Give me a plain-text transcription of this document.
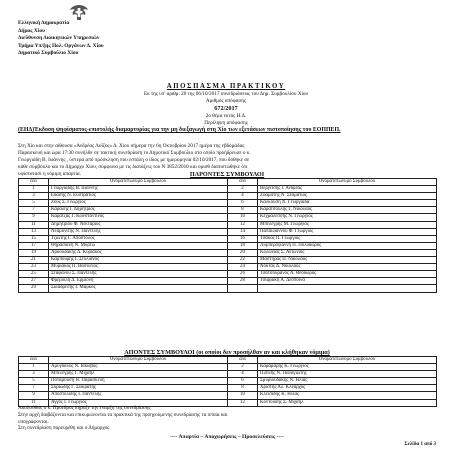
Ελληνική Δημοκρατία
Δήμος Χίου
Διεύθυνση Διοικητικών Υπηρεσιών
Τμήμα Υπ/ξης Πολ. Οργάνων Δ. Χίου
Δημοτικό Συμβούλιο Χίου
ΑΠΟΣΠΑΣΜΑ ΠΡΑΚΤΙΚΟΥ
Εκ της υπ' αριθμ. 20 της 06/10/2017 συνεδριάσεως του Δημ. Συμβουλίου Χίου
Αριθμός απόφασης
672/2017
2ο θέμα εκτός Η.Δ.
Περίληψη απόφασης
(ΕΗΔ)Έκδοση ψηφίσματος-επιστολής διαμαρτυρίας για την μη διεξαγωγή στη Χίο των εξετάσεων πιστοποίησης του ΕΟΠΠΕΠ.
Στη Χίο και στην αίθουσα «Ανδρέας Λοΐζος» Δ. Χίου σήμερα την 6η Οκτωβρίου 2017 ημέρα της εβδομάδας
Παρασκευή και ώρα 17:30 συνήλθε σε τακτική συνεδρίαση το Δημοτικό Συμβούλιο στο οποίο προήδρευσε ο κ.
Γεωργιάδη Β. Ιωάννης , ύστερα από πρόσκληση που εστάλη ο ίδιος με ημερομηνία 02/10/2017, που δόθηκε σε
κάθε σύμβουλο και το Δήμαρχο Χίου, σύμφωνα με τις διατάξεις του Ν 3852/2010 και ορισθ διαπιστώθηκε ότι
υφίστατασι η νόμιμη απαρτία.	ΠΑΡΟΝΤΕΣ ΣΥΜΒΟΥΛΟΙ
α/α	Ονοματεπώνυμο Συμβούλου	α/α	Ονοματεπώνυμο Συμβούλου
1	Γεωργιάδης Β. Ιωάννης	2	Βεργίτσης Ι. Ανδρέας
3	Εδάσης Ν. Ευστράτιος	4	Ζοαμάτης Ν. Σταμάτιος
5	Ζούς Σ. Γεώργιος	6	Καλκούση Ν. Γεωργίαδα
7	Καράλης Ι. Δημήτριος	8	Καρατσούλης Γ. Νικόλαος
9	Καρατζάς Γ. Κωνσταντίνος	10	Κεχμαλέσσης Ν. Γεώργιος
11	Δημητρίου Φ. Νεκτάριος	12	Μπελέγρης Μ. Γεώργιος
13	Νεαμονίτης Ν. Παντελής	14	Παπαϊωάννου Φ. Γεώργιος
15	Τζιώτης Γ. Απόστολος	16	Τσάκος Π. Γεώργιος
17	Θηρασιάνη Ν. Μυρτώ	18	Λυμπερογιάννη Π. Πολύδωρος
19	Αρκουδάκης Δ. Κυριάκος	20	Κολωνιάς Σ. Αντώνιος
21	Καμπούρης Ι. Στυλιανός	22	Μαστήρας Π. Νικόλαος
23	Μυριακός Π. Βασίλειος	24	Νόκτας Δ. Νικόλαος
25	Σταφάνου Σ. Παντελής	26	Τσατσουράνος Α. Θεόδωρος
27	Φρεμοίλη Δ. Ερμιόνη	28	Τσιφράκη Α. Δέσποινα
29	Σκιαδρέσης Ι. Μάρκος		
ΑΠΟΝΤΕΣ ΣΥΜΒΟΥΛΟΙ (οι οποίοι δεν προσήλθαν αν και κλήθηκαν νόμιμα)
α/α	Ονοματεπώνυμο Συμβούλου	α/α	Ονοματεπώνυμο Συμβούλου
1	Αμύγδαλος Ν. Ιάκωβος	2	Καραμαρής Κ. Γεώργιος
3	Μπελέγρης Γ. Μιχαήλ	4	Πιπίνης Ν. Παναγιώτης
5	Ποταμούση Η. Παρασκευή	6	Σμυριουδάκης Ν. Ηλίας
7	Συριώδης Γ. Σωκράτης	8	Χρίστης Αλ. Κλέαρχος
9	Αποστολίδης Ι. Παντελής	10	Κλεισίδης Κ. Ηλίας
11	Άγγος Ι. Γεώργιος	12	Κοντούδης Σ. Μιχαήλ
Ακολούθως ο κ. Πρόεδρος κήρυξε την έναρξη της συνεδρίασης
Στην αρχή διαβάζονται και επικυρώνονται τα πρακτικά της προηγούμενης συνεδρίασης τα οποία και
υπογράφονται.
Στη συνεδρίαση παρευρέθη και ο Δήμαρχος
---- Απαρτία – Αποχωρήσεις – Προσελεύσεις ----
Σελίδα 1 από 3
